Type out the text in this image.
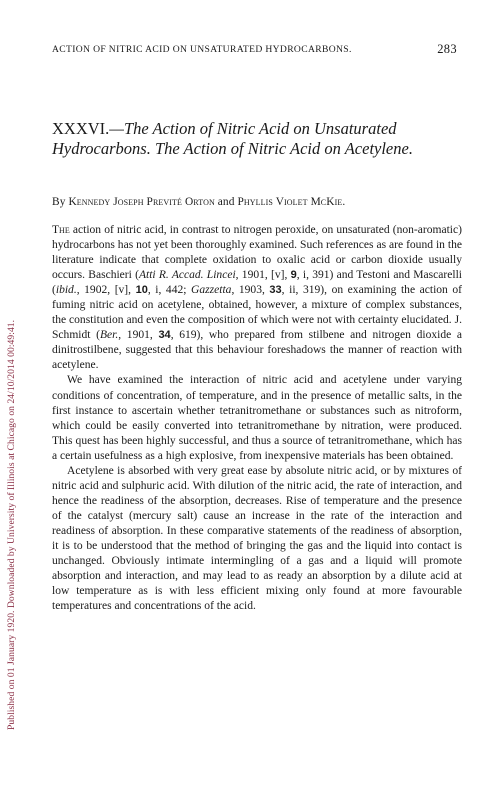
Published on 01 January 1920. Downloaded by University of Illinois at Chicago on 24/10/2014 00:49:41.
ACTION OF NITRIC ACID ON UNSATURATED HYDROCARBONS.	283
XXXVI.—The Action of Nitric Acid on Unsaturated Hydrocarbons. The Action of Nitric Acid on Acetylene.
By Kennedy Joseph Previté Orton and Phyllis Violet McKie.

The action of nitric acid, in contrast to nitrogen peroxide, on unsaturated (non-aromatic) hydrocarbons has not yet been thoroughly examined. Such references as are found in the literature indicate that complete oxidation to oxalic acid or carbon dioxide usually occurs. Baschieri (Atti R. Accad. Lincei, 1901, [v], 9, i, 391) and Testoni and Mascarelli (ibid., 1902, [v], 10, i, 442; Gazzetta, 1903, 33, ii, 319), on examining the action of fuming nitric acid on acetylene, obtained, however, a mixture of complex substances, the constitution and even the composition of which were not with certainty elucidated. J. Schmidt (Ber., 1901, 34, 619), who prepared from stilbene and nitrogen dioxide a dinitrostilbene, suggested that this behaviour foreshadows the manner of reaction with acetylene.

We have examined the interaction of nitric acid and acetylene under varying conditions of concentration, of temperature, and in the presence of metallic salts, in the first instance to ascertain whether tetranitromethane or substances such as nitroform, which could be easily converted into tetranitromethane by nitration, were produced. This quest has been highly successful, and thus a source of tetranitromethane, which has a certain usefulness as a high explosive, from inexpensive materials has been obtained.

Acetylene is absorbed with very great ease by absolute nitric acid, or by mixtures of nitric acid and sulphuric acid. With dilution of the nitric acid, the rate of interaction, and hence the readiness of the absorption, decreases. Rise of temperature and the presence of the catalyst (mercury salt) cause an increase in the rate of the interaction and readiness of absorption. In these comparative statements of the readiness of absorption, it is to be understood that the method of bringing the gas and the liquid into contact is unchanged. Obviously intimate intermingling of a gas and a liquid will promote absorption and interaction, and may lead to as ready an absorption by a dilute acid at low temperature as is with less efficient mixing only found at more favourable temperatures and concentrations of the acid.
